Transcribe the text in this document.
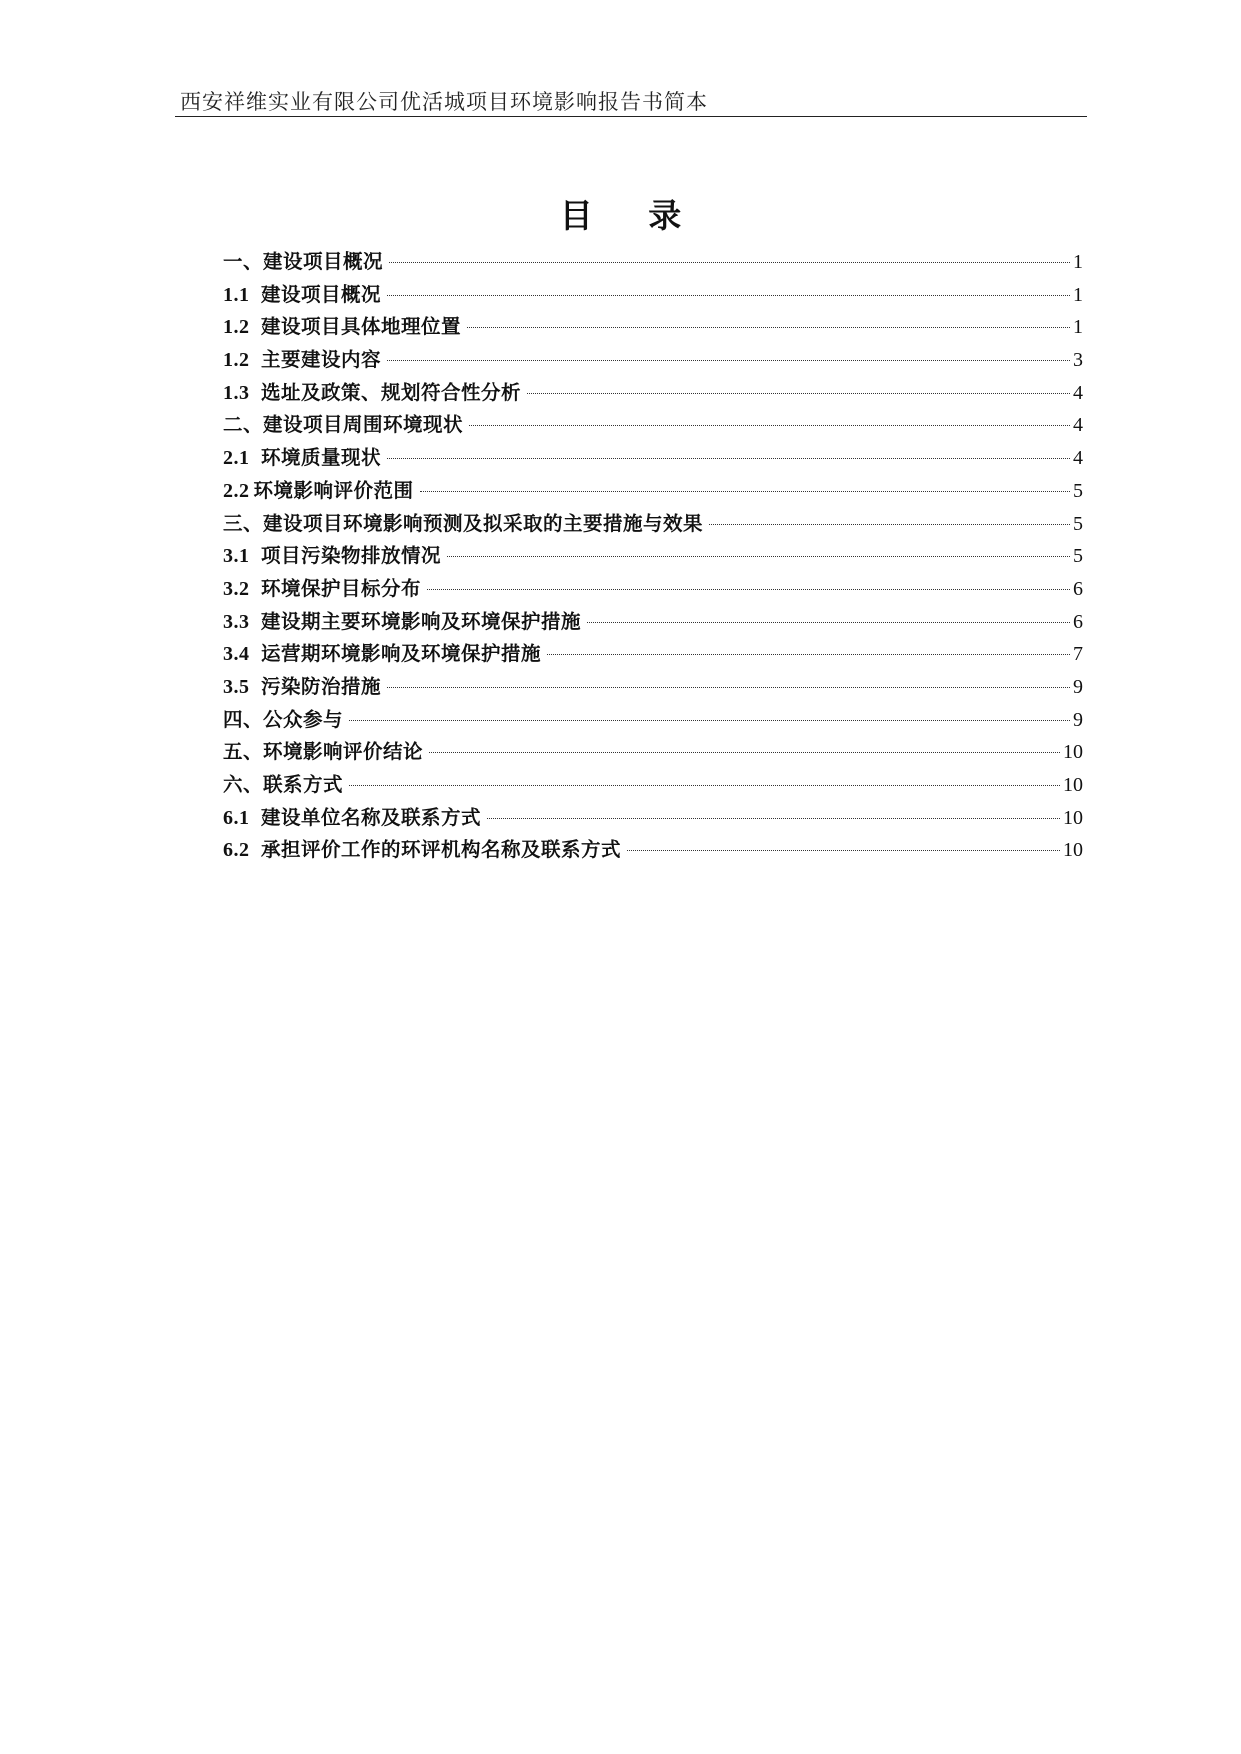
西安祥维实业有限公司优活城项目环境影响报告书简本
目 录
一、建设项目概况	1
1.1 建设项目概况	1
1.2 建设项目具体地理位置	1
1.2 主要建设内容	3
1.3 选址及政策、规划符合性分析	4
二、建设项目周围环境现状	4
2.1 环境质量现状	4
2.2 环境影响评价范围	5
三、建设项目环境影响预测及拟采取的主要措施与效果	5
3.1 项目污染物排放情况	5
3.2 环境保护目标分布	6
3.3 建设期主要环境影响及环境保护措施	6
3.4 运营期环境影响及环境保护措施	7
3.5 污染防治措施	9
四、公众参与	9
五、环境影响评价结论	10
六、联系方式	10
6.1 建设单位名称及联系方式	10
6.2 承担评价工作的环评机构名称及联系方式	10
